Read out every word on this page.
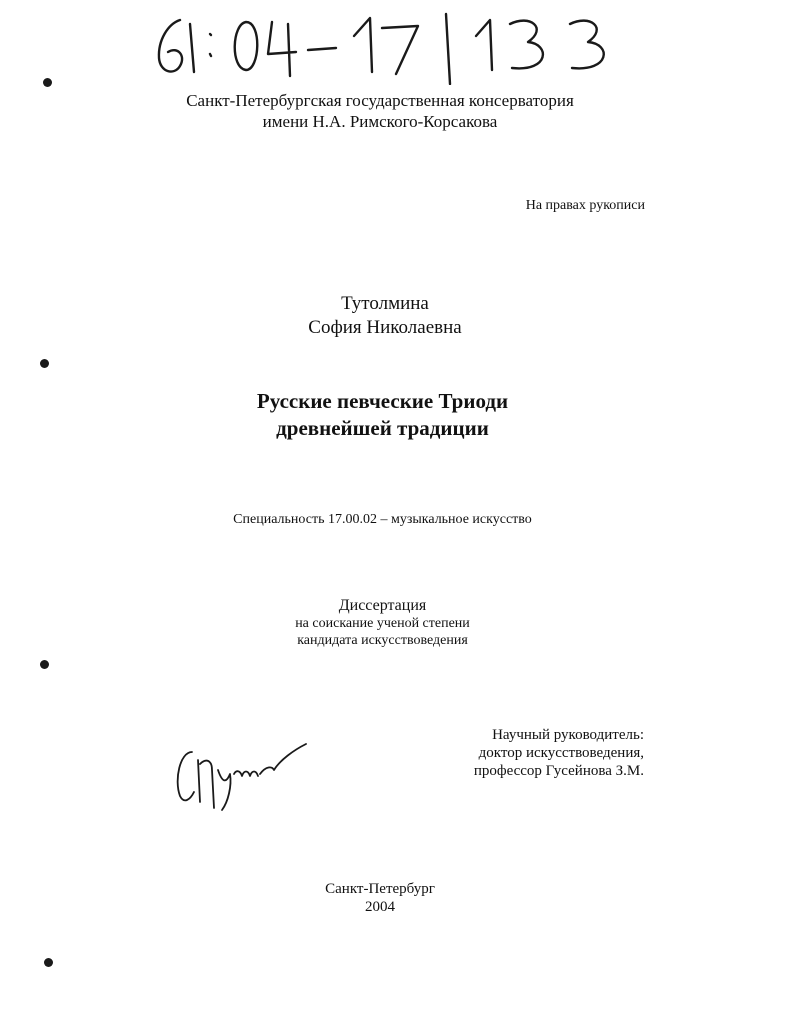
Санкт-Петербургская государственная консерватория
имени Н.А. Римского-Корсакова
На правах рукописи
Тутолмина
София Николаевна
Русские певческие Триоди
древнейшей традиции
Специальность 17.00.02 – музыкальное искусство
Диссертация
на соискание ученой степени
кандидата искусствоведения
Научный руководитель:
доктор искусствоведения,
профессор Гусейнова З.М.
Санкт-Петербург
2004
